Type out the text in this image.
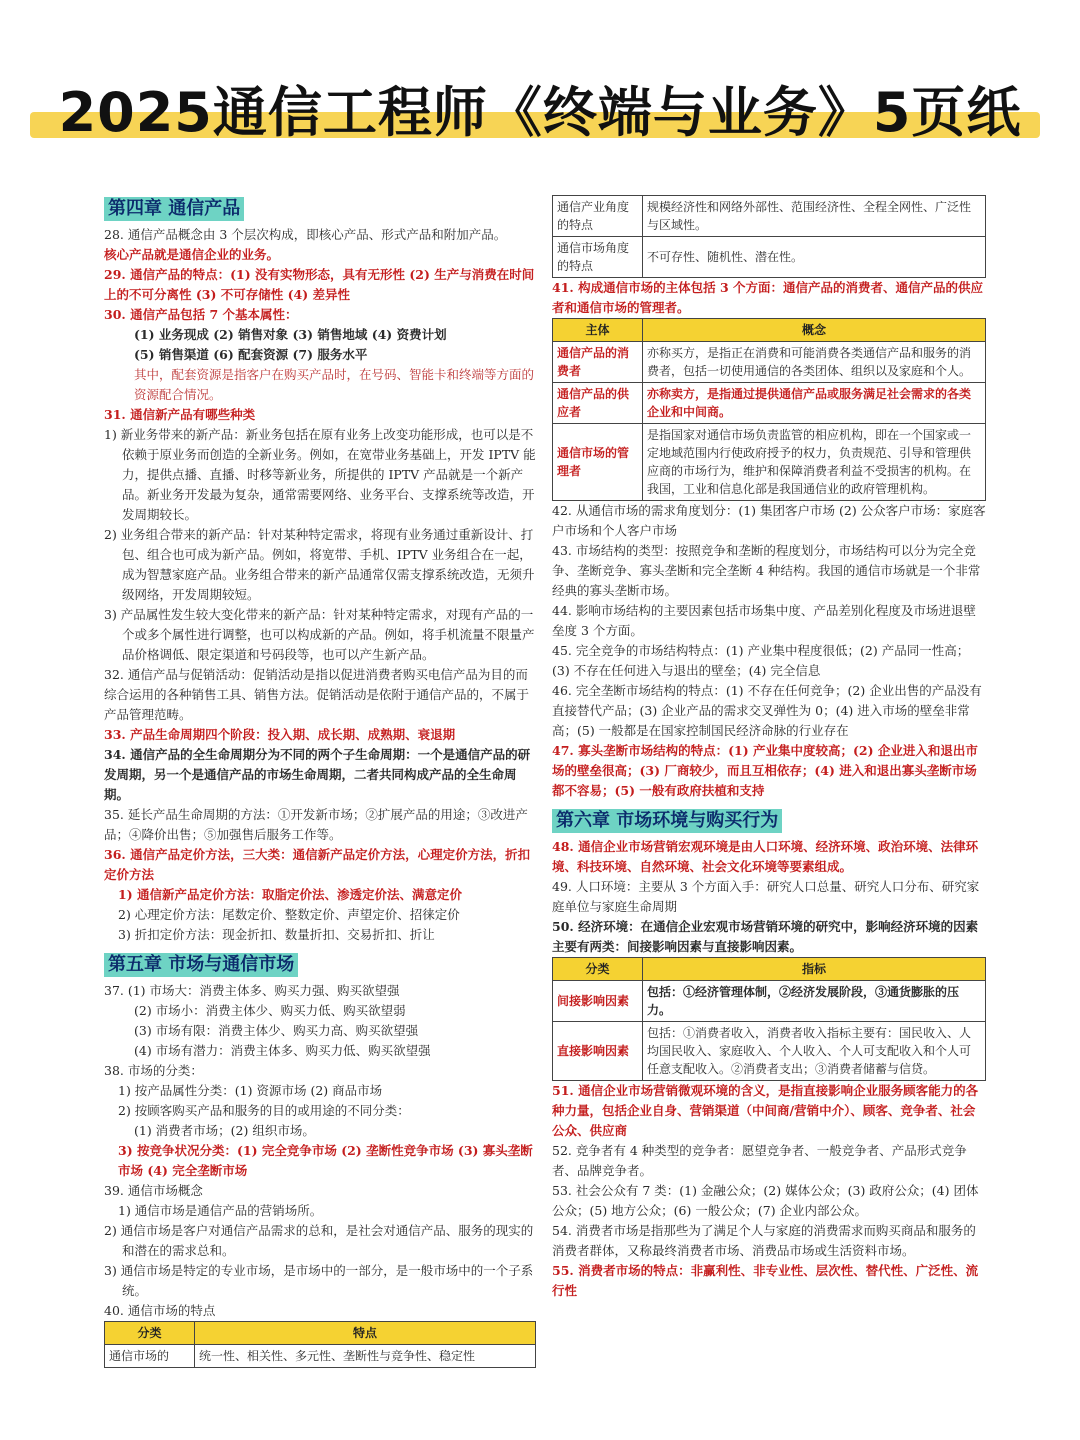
2025通信工程师《终端与业务》5页纸
第四章 通信产品

28. 通信产品概念由 3 个层次构成，即核心产品、形式产品和附加产品。

核心产品就是通信企业的业务。

29. 通信产品的特点：(1) 没有实物形态，具有无形性 (2) 生产与消费在时间上的不可分离性 (3) 不可存储性 (4) 差异性

30. 通信产品包括 7 个基本属性：

(1) 业务现成 (2) 销售对象 (3) 销售地域 (4) 资费计划

(5) 销售渠道 (6) 配套资源 (7) 服务水平

其中，配套资源是指客户在购买产品时，在号码、智能卡和终端等方面的资源配合情况。

31. 通信新产品有哪些种类

1) 新业务带来的新产品：新业务包括在原有业务上改变功能形成，也可以是不依赖于原业务而创造的全新业务。例如，在宽带业务基础上，开发 IPTV 能力，提供点播、直播、时移等新业务，所提供的 IPTV 产品就是一个新产品。新业务开发最为复杂，通常需要网络、业务平台、支撑系统等改造，开发周期较长。

2) 业务组合带来的新产品：针对某种特定需求，将现有业务通过重新设计、打包、组合也可成为新产品。例如，将宽带、手机、IPTV 业务组合在一起，成为智慧家庭产品。业务组合带来的新产品通常仅需支撑系统改造，无须升级网络，开发周期较短。

3) 产品属性发生较大变化带来的新产品：针对某种特定需求，对现有产品的一个或多个属性进行调整，也可以构成新的产品。例如，将手机流量不限量产品价格调低、限定渠道和号码段等，也可以产生新产品。

32. 通信产品与促销活动：促销活动是指以促进消费者购买电信产品为目的而综合运用的各种销售工具、销售方法。促销活动是依附于通信产品的，不属于产品管理范畴。

33. 产品生命周期四个阶段：投入期、成长期、成熟期、衰退期

34. 通信产品的全生命周期分为不同的两个子生命周期：一个是通信产品的研发周期，另一个是通信产品的市场生命周期，二者共同构成产品的全生命周期。

35. 延长产品生命周期的方法：①开发新市场；②扩展产品的用途；③改进产品；④降价出售；⑤加强售后服务工作等。

36. 通信产品定价方法，三大类：通信新产品定价方法，心理定价方法，折扣定价方法

1) 通信新产品定价方法：取脂定价法、渗透定价法、满意定价

2) 心理定价方法：尾数定价、整数定价、声望定价、招徕定价

3) 折扣定价方法：现金折扣、数量折扣、交易折扣、折让

第五章 市场与通信市场

37. (1) 市场大：消费主体多、购买力强、购买欲望强

(2) 市场小：消费主体少、购买力低、购买欲望弱

(3) 市场有限：消费主体少、购买力高、购买欲望强

(4) 市场有潜力：消费主体多、购买力低、购买欲望强

38. 市场的分类：

1) 按产品属性分类：(1) 资源市场 (2) 商品市场

2) 按顾客购买产品和服务的目的或用途的不同分类：

(1) 消费者市场；(2) 组织市场。

3) 按竞争状况分类：(1) 完全竞争市场 (2) 垄断性竞争市场 (3) 寡头垄断市场 (4) 完全垄断市场

39. 通信市场概念

1) 通信市场是通信产品的营销场所。

2) 通信市场是客户对通信产品需求的总和，是社会对通信产品、服务的现实的和潜在的需求总和。

3) 通信市场是特定的专业市场，是市场中的一部分，是一般市场中的一个子系统。

40. 通信市场的特点

分类	特点
通信市场的	统一性、相关性、多元性、垄断性与竞争性、稳定性
通信产业角度的特点	规模经济性和网络外部性、范围经济性、全程全网性、广泛性与区域性。
通信市场角度的特点	不可存性、随机性、潜在性。

41. 构成通信市场的主体包括 3 个方面：通信产品的消费者、通信产品的供应者和通信市场的管理者。

主体	概念
通信产品的消费者	亦称买方，是指正在消费和可能消费各类通信产品和服务的消费者，包括一切使用通信的各类团体、组织以及家庭和个人。
通信产品的供应者	亦称卖方，是指通过提供通信产品或服务满足社会需求的各类企业和中间商。
通信市场的管理者	是指国家对通信市场负责监管的相应机构，即在一个国家或一定地域范围内行使政府授予的权力，负责规范、引导和管理供应商的市场行为，维护和保障消费者利益不受损害的机构。在我国，工业和信息化部是我国通信业的政府管理机构。

42. 从通信市场的需求角度划分：(1) 集团客户市场 (2) 公众客户市场：家庭客户市场和个人客户市场

43. 市场结构的类型：按照竞争和垄断的程度划分，市场结构可以分为完全竞争、垄断竞争、寡头垄断和完全垄断 4 种结构。我国的通信市场就是一个非常经典的寡头垄断市场。

44. 影响市场结构的主要因素包括市场集中度、产品差别化程度及市场进退壁垒度 3 个方面。

45. 完全竞争的市场结构特点：(1) 产业集中程度很低；(2) 产品同一性高；(3) 不存在任何进入与退出的壁垒；(4) 完全信息

46. 完全垄断市场结构的特点：(1) 不存在任何竞争；(2) 企业出售的产品没有直接替代产品；(3) 企业产品的需求交叉弹性为 0；(4) 进入市场的壁垒非常高；(5) 一般都是在国家控制国民经济命脉的行业存在

47. 寡头垄断市场结构的特点：(1) 产业集中度较高；(2) 企业进入和退出市场的壁垒很高；(3) 厂商较少，而且互相依存；(4) 进入和退出寡头垄断市场都不容易；(5) 一般有政府扶植和支持

第六章 市场环境与购买行为

48. 通信企业市场营销宏观环境是由人口环境、经济环境、政治环境、法律环境、科技环境、自然环境、社会文化环境等要素组成。

49. 人口环境：主要从 3 个方面入手：研究人口总量、研究人口分布、研究家庭单位与家庭生命周期

50. 经济环境：在通信企业宏观市场营销环境的研究中，影响经济环境的因素主要有两类：间接影响因素与直接影响因素。

分类	指标
间接影响因素	包括：①经济管理体制，②经济发展阶段，③通货膨胀的压力。
直接影响因素	包括：①消费者收入，消费者收入指标主要有：国民收入、人均国民收入、家庭收入、个人收入、个人可支配收入和个人可任意支配收入。②消费者支出；③消费者储蓄与信贷。

51. 通信企业市场营销微观环境的含义，是指直接影响企业服务顾客能力的各种力量，包括企业自身、营销渠道（中间商/营销中介）、顾客、竞争者、社会公众、供应商

52. 竞争者有 4 种类型的竞争者：愿望竞争者、一般竞争者、产品形式竞争者、品牌竞争者。

53. 社会公众有 7 类：(1) 金融公众；(2) 媒体公众；(3) 政府公众；(4) 团体公众；(5) 地方公众；(6) 一般公众；(7) 企业内部公众。

54. 消费者市场是指那些为了满足个人与家庭的消费需求而购买商品和服务的消费者群体，又称最终消费者市场、消费品市场或生活资料市场。

55. 消费者市场的特点：非赢利性、非专业性、层次性、替代性、广泛性、流行性
